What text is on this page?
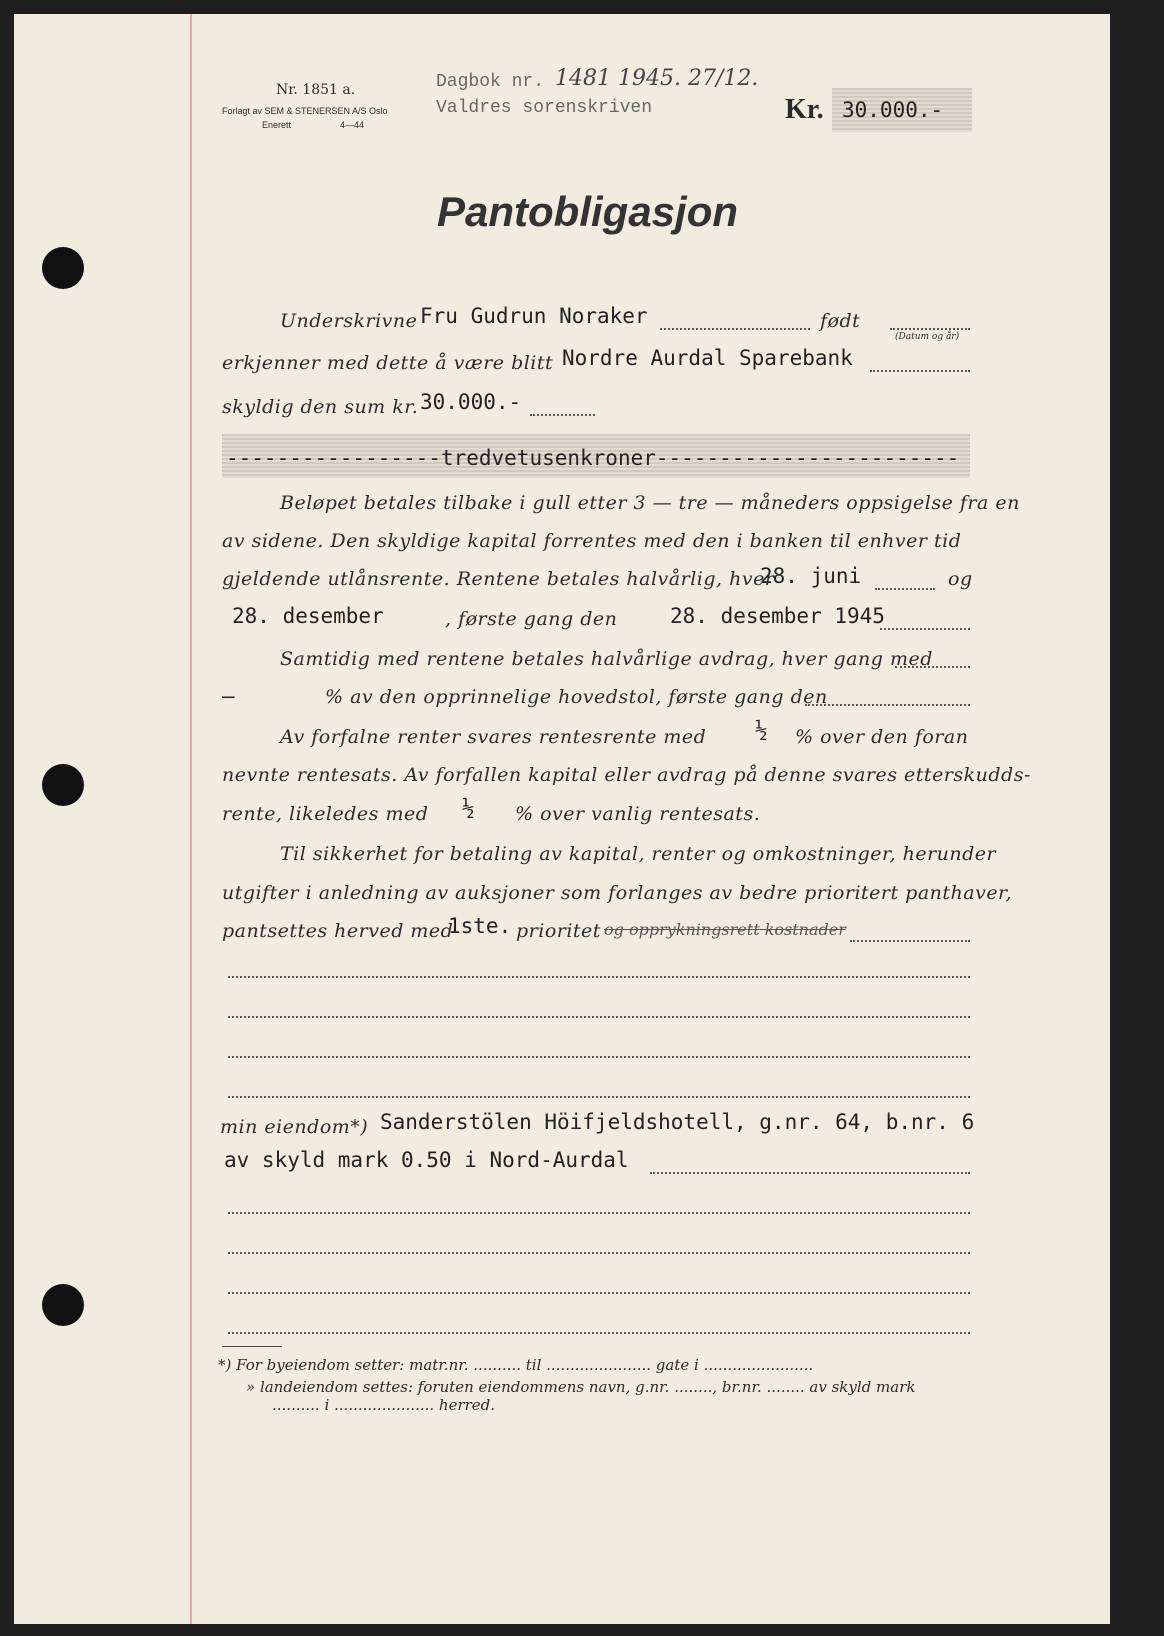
Nr. 1851 a.
Forlagt av SEM & STENERSEN A/S Oslo
Enerett	4—44
Dagbok nr. 1481 1945. 27/12.
Valdres sorenskriven	Kr. 30.000.-
Pantobligasjon
Underskrivne Fru Gudrun Noraker	født
(Datum og år)
erkjenner med dette å være blitt Nordre Aurdal Sparebank
skyldig den sum kr. 30.000.-
-----------------tredvetusenkroner------------------------
Beløpet betales tilbake i gull etter 3 — tre — måneders oppsigelse fra en
av sidene. Den skyldige kapital forrentes med den i banken til enhver tid
gjeldende utlånsrente. Rentene betales halvårlig, hver
28. juni	og
28. desember	, første gang den	28. desember 1945
Samtidig med rentene betales halvårlige avdrag, hver gang med
—	% av den opprinnelige hovedstol, første gang den
Av forfalne renter svares rentesrente med ½ % over den foran
nevnte rentesats. Av forfallen kapital eller avdrag på denne svares etterskudds-
rente, likeledes med ½ % over vanlig rentesats.
Til sikkerhet for betaling av kapital, renter og omkostninger, herunder
utgifter i anledning av auksjoner som forlanges av bedre prioritert panthaver,
pantsettes herved med
1ste. prioritet og opprykningsrett kostnader
min eiendom*) Sanderstölen Höifjeldshotell, g.nr. 64, b.nr. 6
av skyld mark 0.50 i Nord-Aurdal
*) For byeiendom setter: matr.nr. .......... til ...................... gate i .......................
» landeiendom settes: foruten eiendommens navn, g.nr. ........, br.nr. ........ av skyld mark
.......... i ..................... herred.
